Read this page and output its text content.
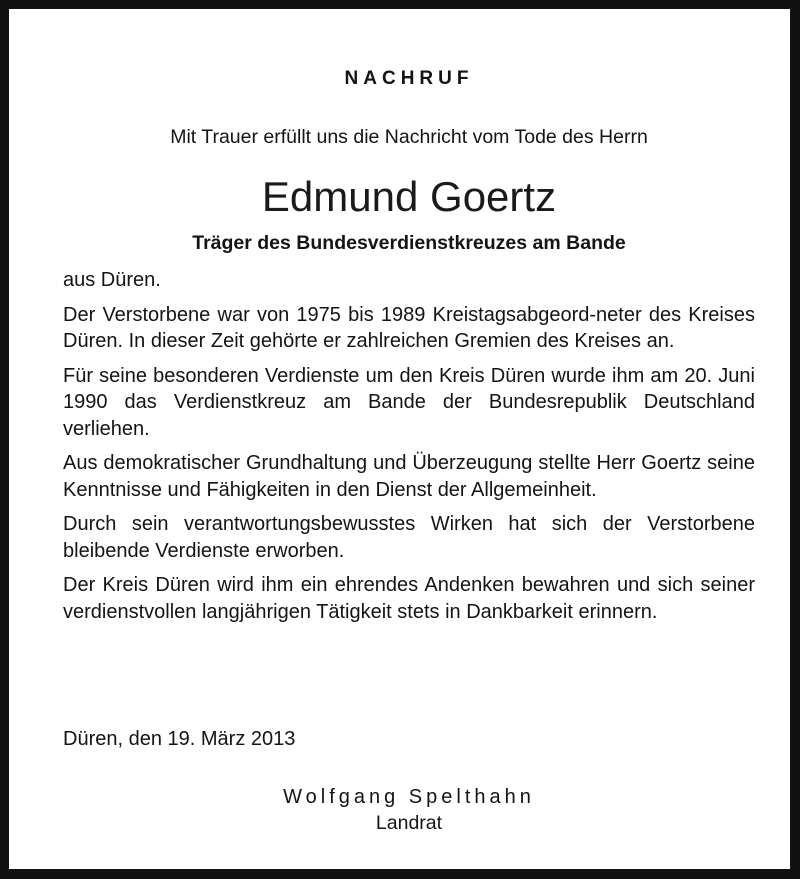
NACHRUF
Mit Trauer erfüllt uns die Nachricht vom Tode des Herrn
Edmund Goertz
Träger des Bundesverdienstkreuzes am Bande

aus Düren.

Der Verstorbene war von 1975 bis 1989 Kreistagsabgeord-neter des Kreises Düren. In dieser Zeit gehörte er zahlreichen Gremien des Kreises an.

Für seine besonderen Verdienste um den Kreis Düren wurde ihm am 20. Juni 1990 das Verdienstkreuz am Bande der Bundesrepublik Deutschland verliehen.

Aus demokratischer Grundhaltung und Überzeugung stellte Herr Goertz seine Kenntnisse und Fähigkeiten in den Dienst der Allgemeinheit.

Durch sein verantwortungsbewusstes Wirken hat sich der Verstorbene bleibende Verdienste erworben.

Der Kreis Düren wird ihm ein ehrendes Andenken bewahren und sich seiner verdienstvollen langjährigen Tätigkeit stets in Dankbarkeit erinnern.

Düren, den 19. März 2013
Wolfgang Spelthahn
Landrat
